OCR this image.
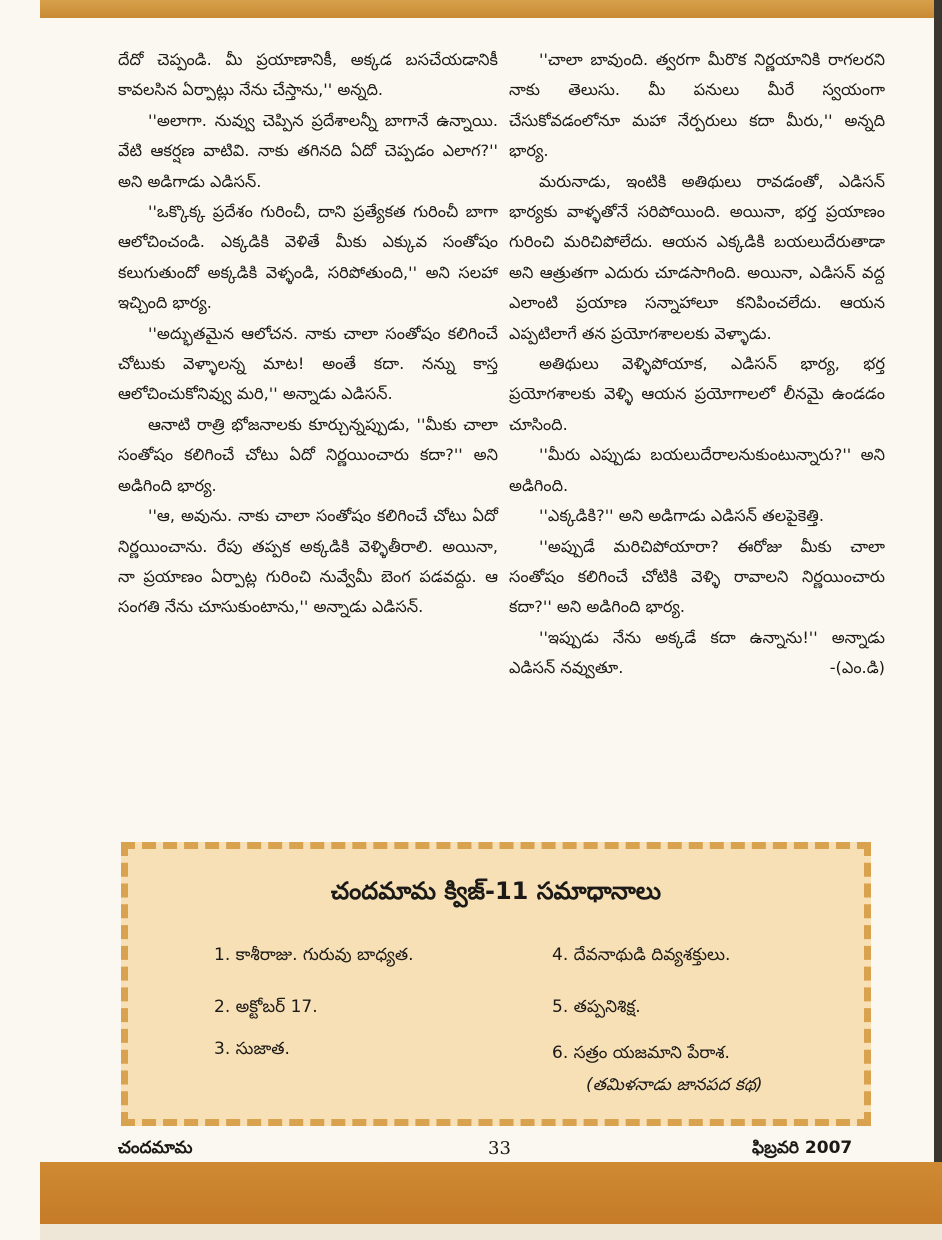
దేదో చెప్పండి. మీ ప్రయాణానికీ, అక్కడ బసచేయడానికీ కావలసిన ఏర్పాట్లు నేను చేస్తాను,'' అన్నది.

''అలాగా. నువ్వు చెప్పిన ప్రదేశాలన్నీ బాగానే ఉన్నాయి. వేటి ఆకర్షణ వాటివి. నాకు తగినది ఏదో చెప్పడం ఎలాగ?'' అని అడిగాడు ఎడిసన్.

''ఒక్కొక్క ప్రదేశం గురించీ, దాని ప్రత్యేకత గురించీ బాగా ఆలోచించండి. ఎక్కడికి వెళితే మీకు ఎక్కువ సంతోషం కలుగుతుందో అక్కడికి వెళ్ళండి, సరిపోతుంది,'' అని సలహా ఇచ్చింది భార్య.

''అద్భుతమైన ఆలోచన. నాకు చాలా సంతోషం కలిగించే చోటుకు వెళ్ళాలన్న మాట! అంతే కదా. నన్ను కాస్త ఆలోచించుకోనివ్వు మరి,'' అన్నాడు ఎడిసన్.

ఆనాటి రాత్రి భోజనాలకు కూర్చున్నప్పుడు, ''మీకు చాలా సంతోషం కలిగించే చోటు ఏదో నిర్ణయించారు కదా?'' అని అడిగింది భార్య.

''ఆ, అవును. నాకు చాలా సంతోషం కలిగించే చోటు ఏదో నిర్ణయించాను. రేపు తప్పక అక్కడికి వెళ్ళితీరాలి. అయినా, నా ప్రయాణం ఏర్పాట్ల గురించి నువ్వేమీ బెంగ పడవద్దు. ఆ సంగతి నేను చూసుకుంటాను,'' అన్నాడు ఎడిసన్.

''చాలా బావుంది. త్వరగా మీరొక నిర్ణయానికి రాగలరని నాకు తెలుసు. మీ పనులు మీరే స్వయంగా చేసుకోవడంలోనూ మహా నేర్పరులు కదా మీరు,'' అన్నది భార్య.

మరునాడు, ఇంటికి అతిథులు రావడంతో, ఎడిసన్ భార్యకు వాళ్ళతోనే సరిపోయింది. అయినా, భర్త ప్రయాణం గురించి మరిచిపోలేదు. ఆయన ఎక్కడికి బయలుదేరుతాడా అని ఆత్రుతగా ఎదురు చూడసాగింది. అయినా, ఎడిసన్ వద్ద ఎలాంటి ప్రయాణ సన్నాహాలూ కనిపించలేదు. ఆయన ఎప్పటిలాగే తన ప్రయోగశాలలకు వెళ్ళాడు.

అతిథులు వెళ్ళిపోయాక, ఎడిసన్ భార్య, భర్త ప్రయోగశాలకు వెళ్ళి ఆయన ప్రయోగాలలో లీనమై ఉండడం చూసింది.

''మీరు ఎప్పుడు బయలుదేరాలనుకుంటున్నారు?'' అని అడిగింది.

''ఎక్కడికి?'' అని అడిగాడు ఎడిసన్ తలపైకెత్తి.

''అప్పుడే మరిచిపోయారా? ఈరోజు మీకు చాలా సంతోషం కలిగించే చోటికి వెళ్ళి రావాలని నిర్ణయించారు కదా?'' అని అడిగింది భార్య.

''ఇప్పుడు నేను అక్కడే కదా ఉన్నాను!'' అన్నాడు ఎడిసన్ నవ్వుతూ.	-(ఎం.డి)

చందమామ క్విజ్-11 సమాధానాలు
1. కాశీరాజు. గురువు బాధ్యత.
2. అక్టోబర్ 17.
3. సుజాత.
4. దేవనాథుడి దివ్యశక్తులు.
5. తప్పనిశిక్ష.
6. సత్రం యజమాని పేరాశ.
(తమిళనాడు జానపద కథ)
చందమామ	33	ఫిబ్రవరి 2007
